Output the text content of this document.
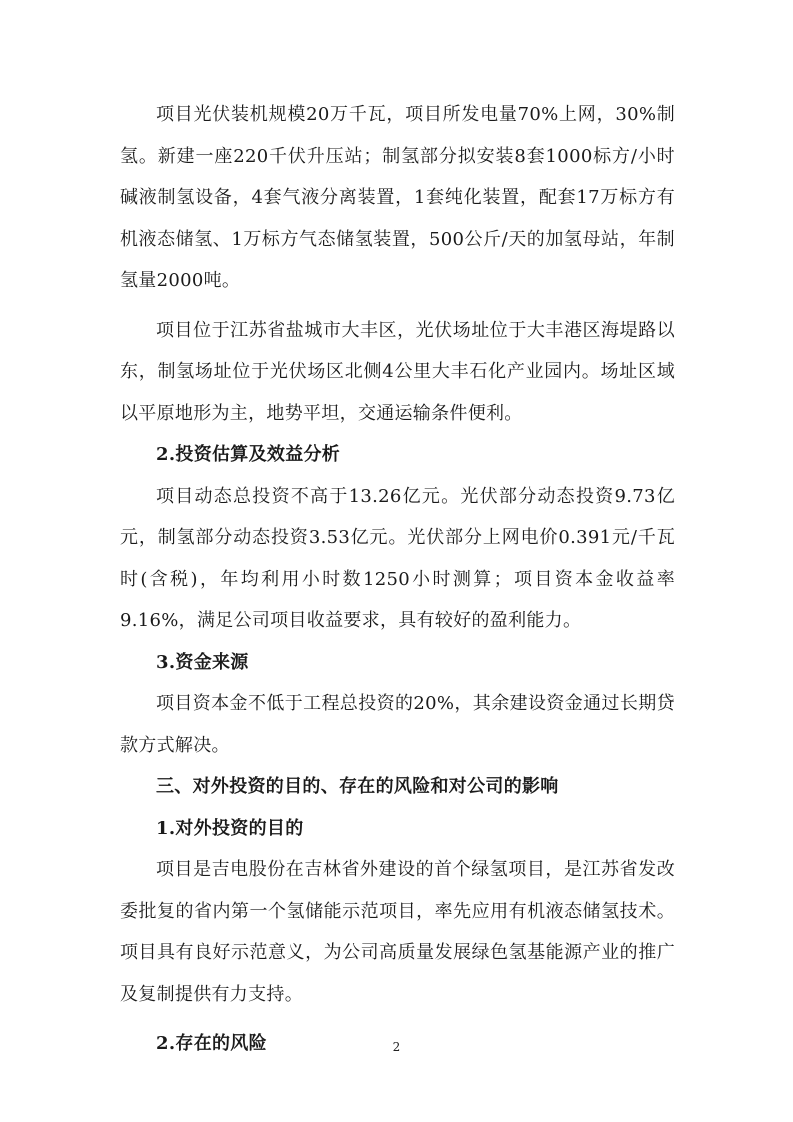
项目光伏装机规模20万千瓦，项目所发电量70%上网，30%制氢。新建一座220千伏升压站；制氢部分拟安装8套1000标方/小时碱液制氢设备，4套气液分离装置，1套纯化装置，配套17万标方有机液态储氢、1万标方气态储氢装置，500公斤/天的加氢母站，年制氢量2000吨。

项目位于江苏省盐城市大丰区，光伏场址位于大丰港区海堤路以东，制氢场址位于光伏场区北侧4公里大丰石化产业园内。场址区域以平原地形为主，地势平坦，交通运输条件便利。

2.投资估算及效益分析

项目动态总投资不高于13.26亿元。光伏部分动态投资9.73亿元，制氢部分动态投资3.53亿元。光伏部分上网电价0.391元/千瓦时(含税)，年均利用小时数1250小时测算；项目资本金收益率9.16%，满足公司项目收益要求，具有较好的盈利能力。

3.资金来源

项目资本金不低于工程总投资的20%，其余建设资金通过长期贷款方式解决。

三、对外投资的目的、存在的风险和对公司的影响
1.对外投资的目的

项目是吉电股份在吉林省外建设的首个绿氢项目，是江苏省发改委批复的省内第一个氢储能示范项目，率先应用有机液态储氢技术。项目具有良好示范意义，为公司高质量发展绿色氢基能源产业的推广及复制提供有力支持。

2.存在的风险	2
